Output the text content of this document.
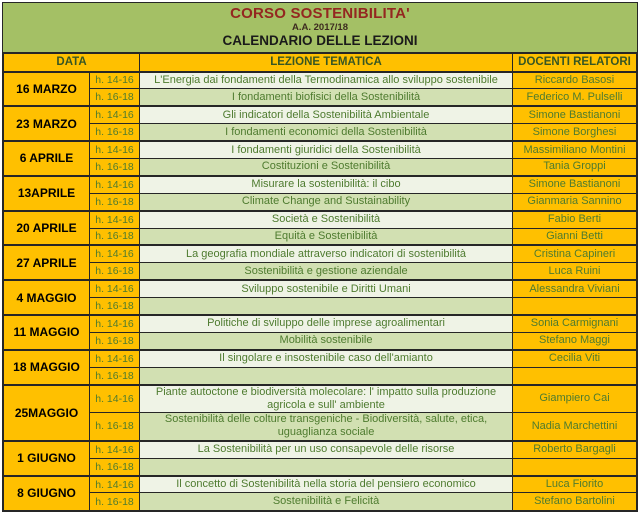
CORSO SOSTENIBILITA'
A.A. 2017/18
CALENDARIO DELLE LEZIONI
DATA		LEZIONE TEMATICA	DOCENTI RELATORI
16 MARZO	h. 14-16	L'Energia dai fondamenti della Termodinamica allo sviluppo sostenibile	Riccardo Basosi
	h. 16-18	I fondamenti biofisici della Sostenibilità	Federico M. Pulselli
23 MARZO	h. 14-16	Gli indicatori della Sostenibilità Ambientale	Simone Bastianoni
	h. 16-18	I fondamenti economici della Sostenibilità	Simone Borghesi
6 APRILE	h. 14-16	I fondamenti giuridici della Sostenibilità	Massimiliano Montini
	h. 16-18	Costituzioni e Sostenibilità	Tania Groppi
13APRILE	h. 14-16	Misurare la sostenibilità: il cibo	Simone Bastianoni
	h. 16-18	Climate Change and Sustainability	Gianmaria Sannino
20 APRILE	h. 14-16	Società e Sostenibilità	Fabio Berti
	h. 16-18	Equità e Sostenibilità	Gianni Betti
27 APRILE	h. 14-16	La geografia mondiale attraverso indicatori di sostenibilità	Cristina Capineri
	h. 16-18	Sostenibilità e gestione aziendale	Luca Ruini
4 MAGGIO	h. 14-16	Sviluppo sostenibile e Diritti Umani	Alessandra Viviani
	h. 16-18		
11 MAGGIO	h. 14-16	Politiche di sviluppo delle imprese agroalimentari	Sonia Carmignani
	h. 16-18	Mobilità sostenibile	Stefano Maggi
18 MAGGIO	h. 14-16	Il singolare e insostenibile caso dell'amianto	Cecilia Viti
	h. 16-18		
25MAGGIO	h. 14-16	Piante autoctone e biodiversità molecolare: l' impatto sulla produzione agricola e sull' ambiente	Giampiero Cai
	h. 16-18	Sostenibilità delle colture transgeniche - Biodiversità, salute, etica, uguaglianza sociale	Nadia Marchettini
1 GIUGNO	h. 14-16	La Sostenibilità per un uso consapevole delle risorse	Roberto Bargagli
	h. 16-18		
8 GIUGNO	h. 14-16	Il concetto di Sostenibilità nella storia del pensiero economico	Luca Fiorito
	h. 16-18	Sostenibilità e Felicità	Stefano Bartolini
